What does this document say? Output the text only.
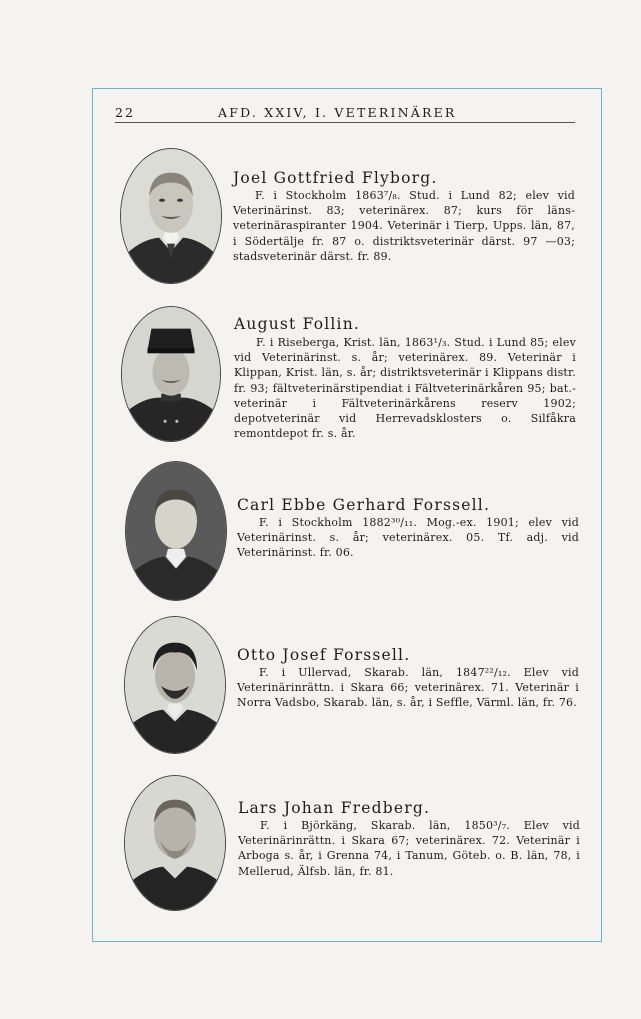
22	AFD. XXIV, I. VETERINÄRER
Joel Gottfried Flyborg.
F. i Stockholm 1863⁷/₈. Stud. i Lund 82; elev vid Veterinärinst. 83; veterinärex. 87; kurs för läns-veterinäraspiranter 1904. Veterinär i Tierp, Upps. län, 87, i Södertälje fr. 87 o. distriktsveterinär därst. 97 —03; stadsveterinär därst. fr. 89.
August Follin.
F. i Riseberga, Krist. län, 1863¹/₃. Stud. i Lund 85; elev vid Veterinärinst. s. år; veterinärex. 89. Veterinär i Klippan, Krist. län, s. år; distriktsveterinär i Klippans distr. fr. 93; fältveterinärstipendiat i Fältveterinärkåren 95; bat.-veterinär i Fältveterinärkårens reserv 1902; depotveterinär vid Herrevadsklosters o. Silfåkra remontdepot fr. s. år.
Carl Ebbe Gerhard Forssell.
F. i Stockholm 1882³⁰/₁₁. Mog.-ex. 1901; elev vid Veterinärinst. s. år; veterinärex. 05. Tf. adj. vid Veterinärinst. fr. 06.
Otto Josef Forssell.
F. i Ullervad, Skarab. län, 1847²²/₁₂. Elev vid Veterinärinrättn. i Skara 66; veterinärex. 71. Veterinär i Norra Vadsbo, Skarab. län, s. år, i Seffle, Värml. län, fr. 76.
Lars Johan Fredberg.
F. i Björkäng, Skarab. län, 1850³/₇. Elev vid Veterinärinrättn. i Skara 67; veterinärex. 72. Veterinär i Arboga s. år, i Grenna 74, i Tanum, Göteb. o. B. län, 78, i Mellerud, Älfsb. län, fr. 81.
